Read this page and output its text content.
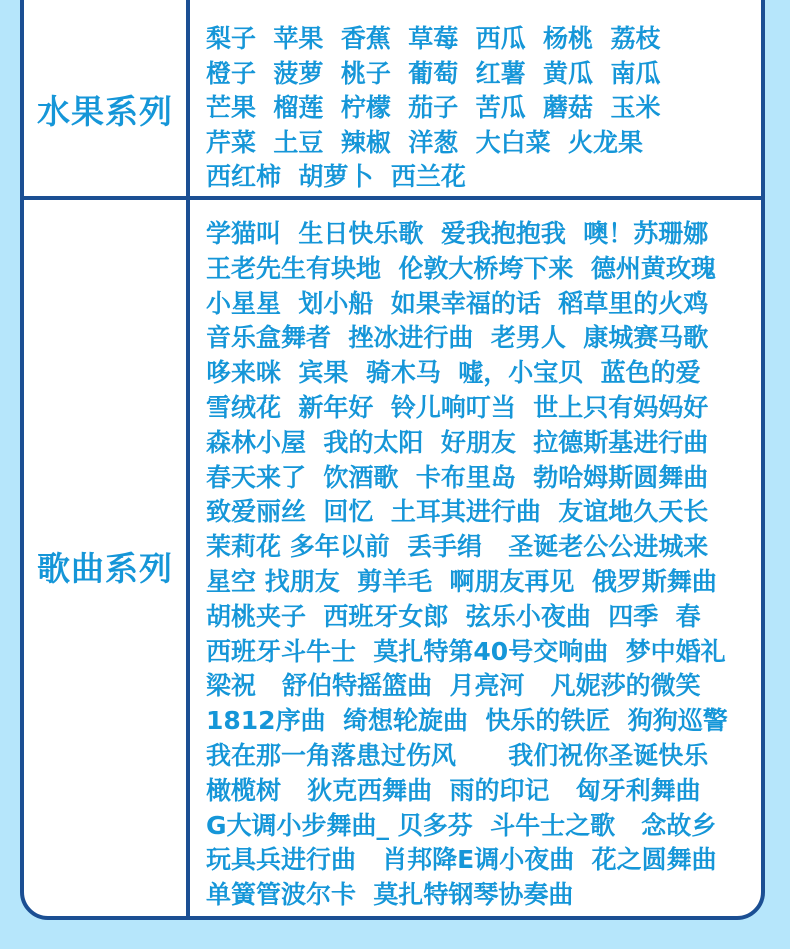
水果系列
梨子  苹果  香蕉  草莓  西瓜  杨桃  荔枝
橙子  菠萝  桃子  葡萄  红薯  黄瓜  南瓜
芒果  榴莲  柠檬  茄子  苦瓜  蘑菇  玉米
芹菜  土豆  辣椒  洋葱  大白菜  火龙果
西红柿  胡萝卜  西兰花
歌曲系列
学猫叫  生日快乐歌  爱我抱抱我  噢！苏珊娜
王老先生有块地  伦敦大桥垮下来  德州黄玫瑰
小星星  划小船  如果幸福的话  稻草里的火鸡
音乐盒舞者  挫冰进行曲  老男人  康城赛马歌
哆来咪  宾果  骑木马  嘘，小宝贝  蓝色的爱
雪绒花  新年好  铃儿响叮当  世上只有妈妈好
森林小屋  我的太阳  好朋友  拉德斯基进行曲
春天来了  饮酒歌  卡布里岛  勃哈姆斯圆舞曲
致爱丽丝  回忆  土耳其进行曲  友谊地久天长
茉莉花 多年以前  丢手绢   圣诞老公公进城来
星空 找朋友  剪羊毛  啊朋友再见  俄罗斯舞曲
胡桃夹子  西班牙女郎  弦乐小夜曲  四季  春
西班牙斗牛士  莫扎特第40号交响曲  梦中婚礼
梁祝   舒伯特摇篮曲  月亮河   凡妮莎的微笑
1812序曲  绮想轮旋曲  快乐的铁匠  狗狗巡警
我在那一角落患过伤风      我们祝你圣诞快乐
橄榄树   狄克西舞曲  雨的印记   匈牙利舞曲
G大调小步舞曲_ 贝多芬  斗牛士之歌   念故乡
玩具兵进行曲   肖邦降E调小夜曲  花之圆舞曲
单簧管波尔卡  莫扎特钢琴协奏曲
